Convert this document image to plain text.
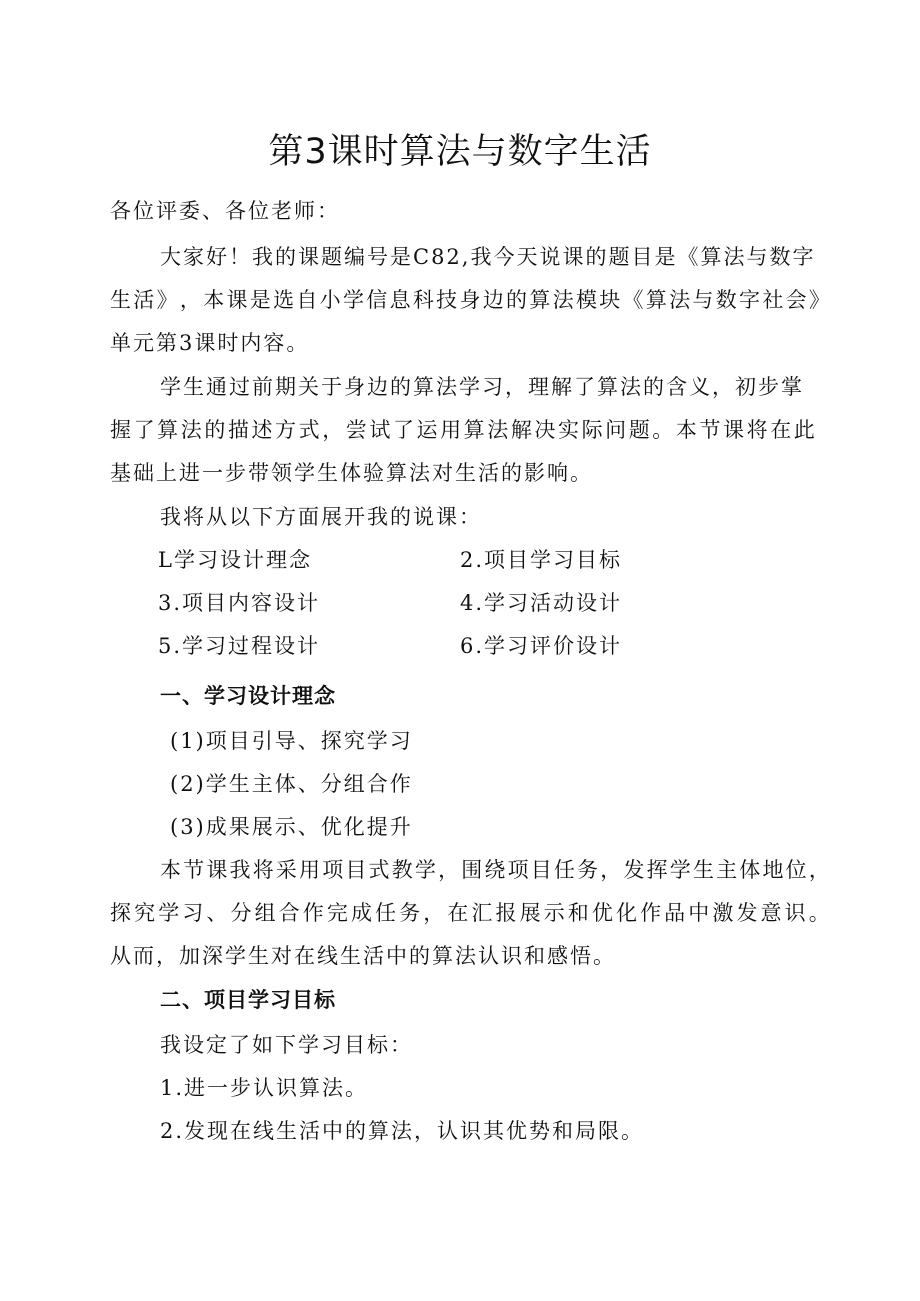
第3课时算法与数字生活
各位评委、各位老师：
大家好！我的课题编号是C82,我今天说课的题目是《算法与数字
生 活 》 ， 本 课 是 选 自 小 学 信 息 科 技 身 边 的 算 法 模 块 《 算 法 与 数 字 社 会 》
单元第3课时内容。
学生通过前期关于身边的算法学习，理解了算法的含义，初步掌
握 了 算 法 的 描 述 方 式 ， 尝 试 了 运 用 算 法 解 决 实 际 问 题 。 本 节 课 将 在 此
基础上进一步带领学生体验算法对生活的影响。
我将从以下方面展开我的说课：
L学习设计理念	2.项目学习目标
3.项目内容设计	4.学习活动设计
5.学习过程设计	6.学习评价设计
一、学习设计理念
(1)项目引导、探究学习
(2)学生主体、分组合作
(3)成果展示、优化提升
本 节 课 我 将 采 用 项 目 式 教 学 ， 围 绕 项 目 任 务 ， 发 挥 学 生 主 体 地 位 ，
探 究 学 习 、 分 组 合 作 完 成 任 务 ， 在 汇 报 展 示 和 优 化 作 品 中 激 发 意 识 。
从而，加深学生对在线生活中的算法认识和感悟。
二、项目学习目标
我设定了如下学习目标：
1.进一步认识算法。
2.发现在线生活中的算法，认识其优势和局限。
